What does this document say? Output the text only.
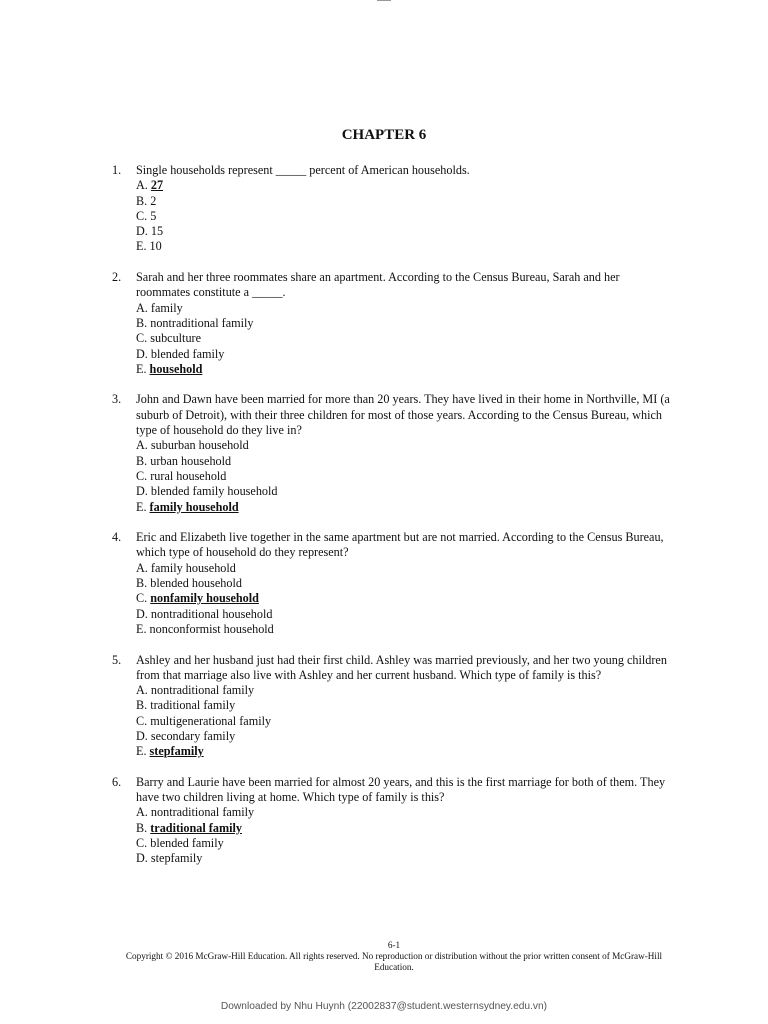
CHAPTER 6
1.	Single households represent _____ percent of American households.
A. 27
B. 2
C. 5
D. 15
E. 10
2.	Sarah and her three roommates share an apartment. According to the Census Bureau, Sarah and her roommates constitute a _____.
A. family
B. nontraditional family
C. subculture
D. blended family
E. household
3.	John and Dawn have been married for more than 20 years. They have lived in their home in Northville, MI (a suburb of Detroit), with their three children for most of those years. According to the Census Bureau, which type of household do they live in?
A. suburban household
B. urban household
C. rural household
D. blended family household
E. family household
4.	Eric and Elizabeth live together in the same apartment but are not married. According to the Census Bureau, which type of household do they represent?
A. family household
B. blended household
C. nonfamily household
D. nontraditional household
E. nonconformist household
5.	Ashley and her husband just had their first child. Ashley was married previously, and her two young children from that marriage also live with Ashley and her current husband. Which type of family is this?
A. nontraditional family
B. traditional family
C. multigenerational family
D. secondary family
E. stepfamily
6.	Barry and Laurie have been married for almost 20 years, and this is the first marriage for both of them. They have two children living at home. Which type of family is this?
A. nontraditional family
B. traditional family
C. blended family
D. stepfamily
6-1
Copyright © 2016 McGraw-Hill Education. All rights reserved. No reproduction or distribution without the prior written consent of McGraw-Hill Education.
Downloaded by Nhu Huynh (22002837@student.westernsydney.edu.vn)
